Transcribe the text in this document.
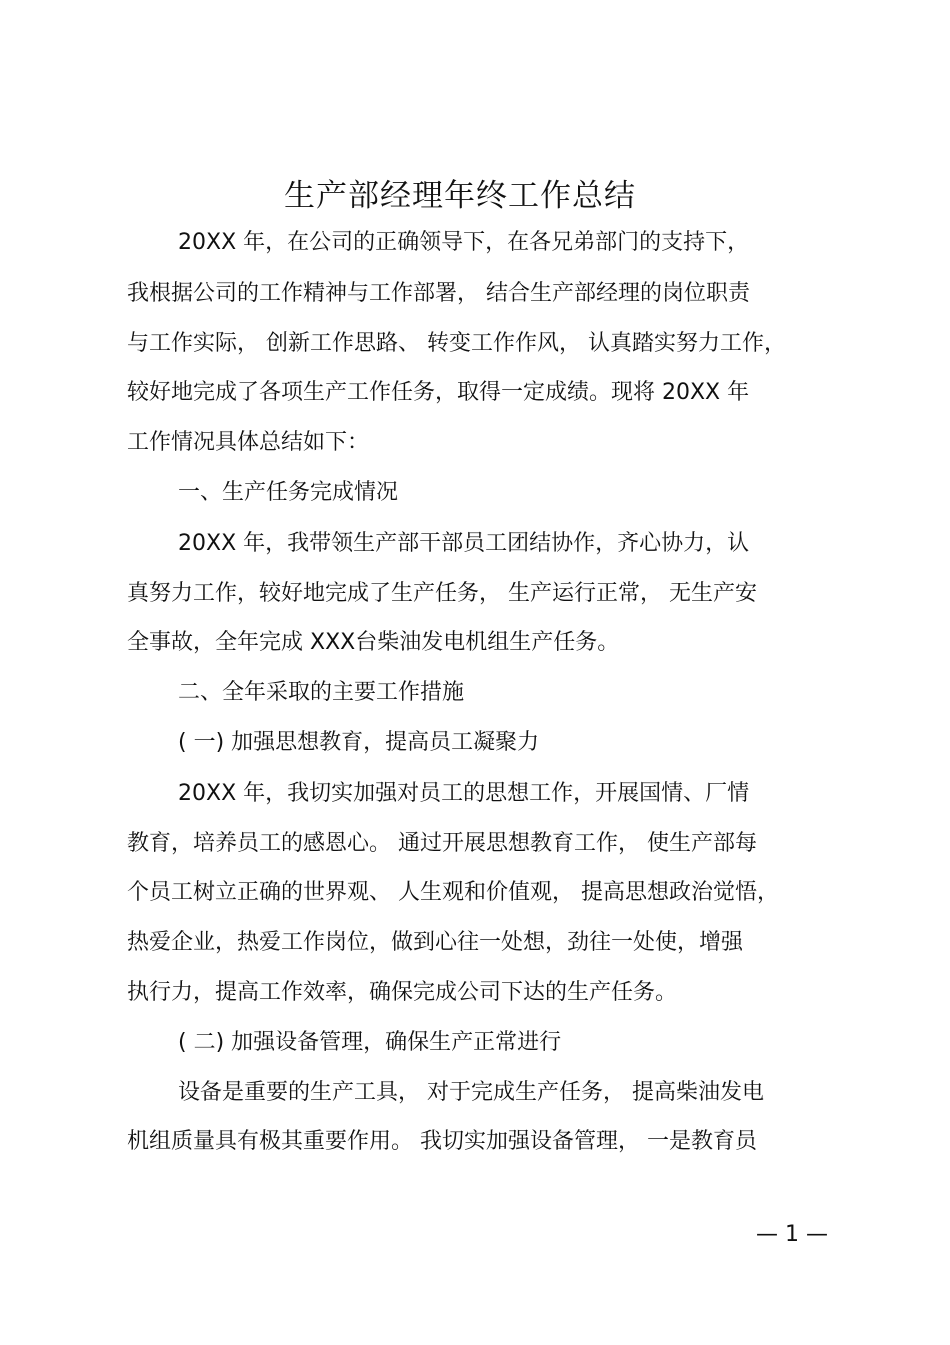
生产部经理年终工作总结

20XX 年，在公司的正确领导下，在各兄弟部门的支持下，

我根据公司的工作精神与工作部署， 结合生产部经理的岗位职责

与工作实际， 创新工作思路、 转变工作作风， 认真踏实努力工作，

较好地完成了各项生产工作任务，取得一定成绩。现将 20XX 年

工作情况具体总结如下：

一、生产任务完成情况

20XX 年，我带领生产部干部员工团结协作，齐心协力，认

真努力工作，较好地完成了生产任务， 生产运行正常， 无生产安

全事故，全年完成 XXX台柴油发电机组生产任务。

二、全年采取的主要工作措施

( 一) 加强思想教育，提高员工凝聚力

20XX 年，我切实加强对员工的思想工作，开展国情、厂情

教育，培养员工的感恩心。 通过开展思想教育工作， 使生产部每

个员工树立正确的世界观、 人生观和价值观， 提高思想政治觉悟，

热爱企业，热爱工作岗位，做到心往一处想，劲往一处使，增强

执行力，提高工作效率，确保完成公司下达的生产任务。

( 二) 加强设备管理，确保生产正常进行

设备是重要的生产工具， 对于完成生产任务， 提高柴油发电

机组质量具有极其重要作用。 我切实加强设备管理， 一是教育员

— 1 —
